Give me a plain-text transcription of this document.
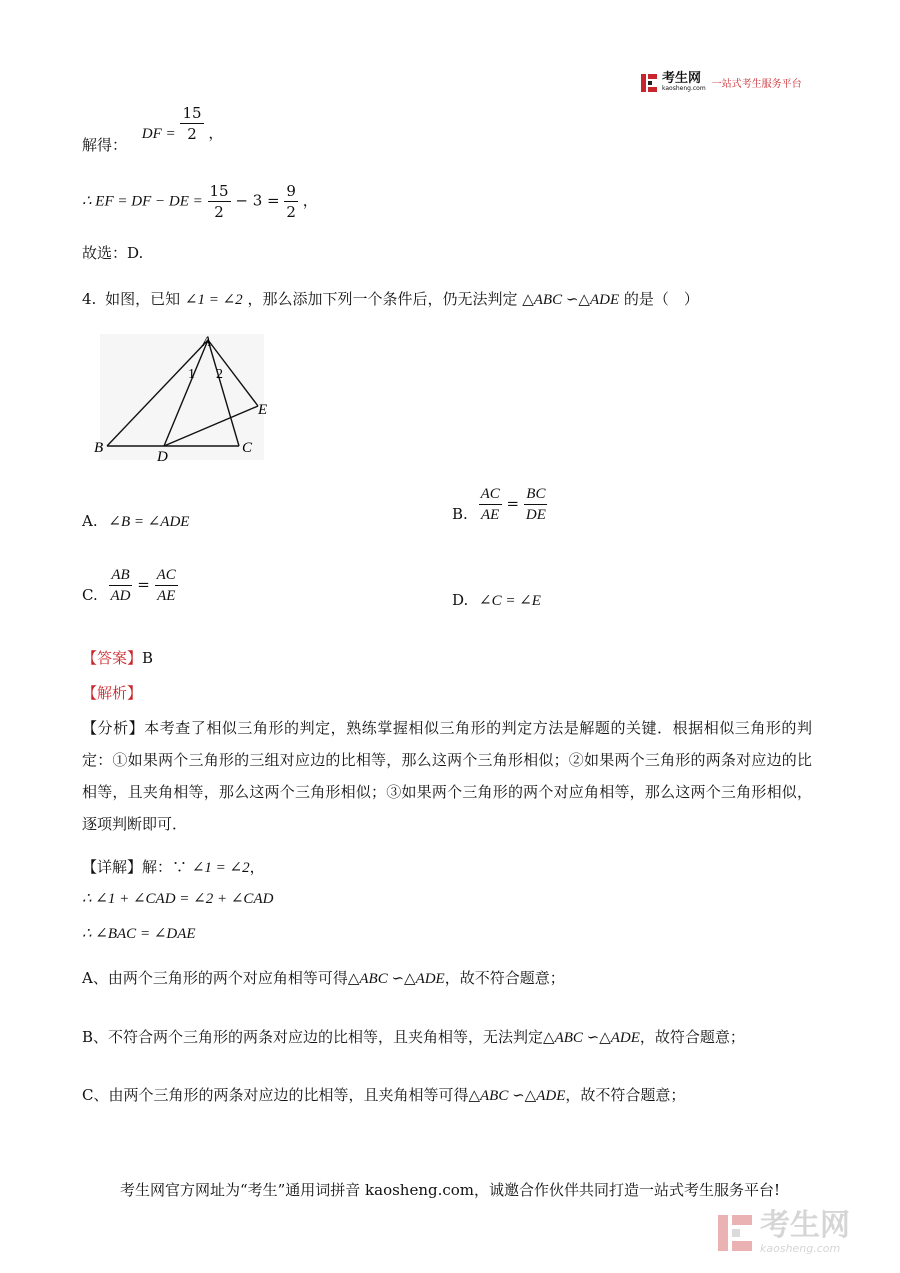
考生网
kaosheng.com 一站式考生服务平台
解得： DF = $\frac{15}{2}$ ，
∴ EF = DF − DE = $\frac{15}{2} - 3 = \frac{9}{2}$ ，
故选：D.
4. 如图，已知 ∠1 = ∠2 ，那么添加下列一个条件后，仍无法判定 △ABC ∽△ADE 的是（　）
A
B	C
D
E
1 2
A. ∠B = ∠ADE	B. $\frac{AC}{AE} = \frac{BC}{DE}$
C. $\frac{AB}{AD} = \frac{AC}{AE}$	D. ∠C = ∠E
【答案】B
【解析】
【分析】本考查了相似三角形的判定，熟练掌握相似三角形的判定方法是解题的关键．根据相似三角形的判定：①如果两个三角形的三组对应边的比相等，那么这两个三角形相似；②如果两个三角形的两条对应边的比相等，且夹角相等，那么这两个三角形相似；③如果两个三角形的两个对应角相等，那么这两个三角形相似，逐项判断即可．
【详解】解：∵ ∠1 = ∠2，
∴ ∠1 + ∠CAD = ∠2 + ∠CAD
∴ ∠BAC = ∠DAE
A、由两个三角形的两个对应角相等可得△ABC ∽△ADE，故不符合题意；
B、不符合两个三角形的两条对应边的比相等，且夹角相等，无法判定△ABC ∽△ADE，故符合题意；
C、由两个三角形的两条对应边的比相等，且夹角相等可得△ABC ∽△ADE，故不符合题意；
考生网官方网址为“考生”通用词拼音 kaosheng.com，诚邀合作伙伴共同打造一站式考生服务平台!
考生网
kaosheng.com
